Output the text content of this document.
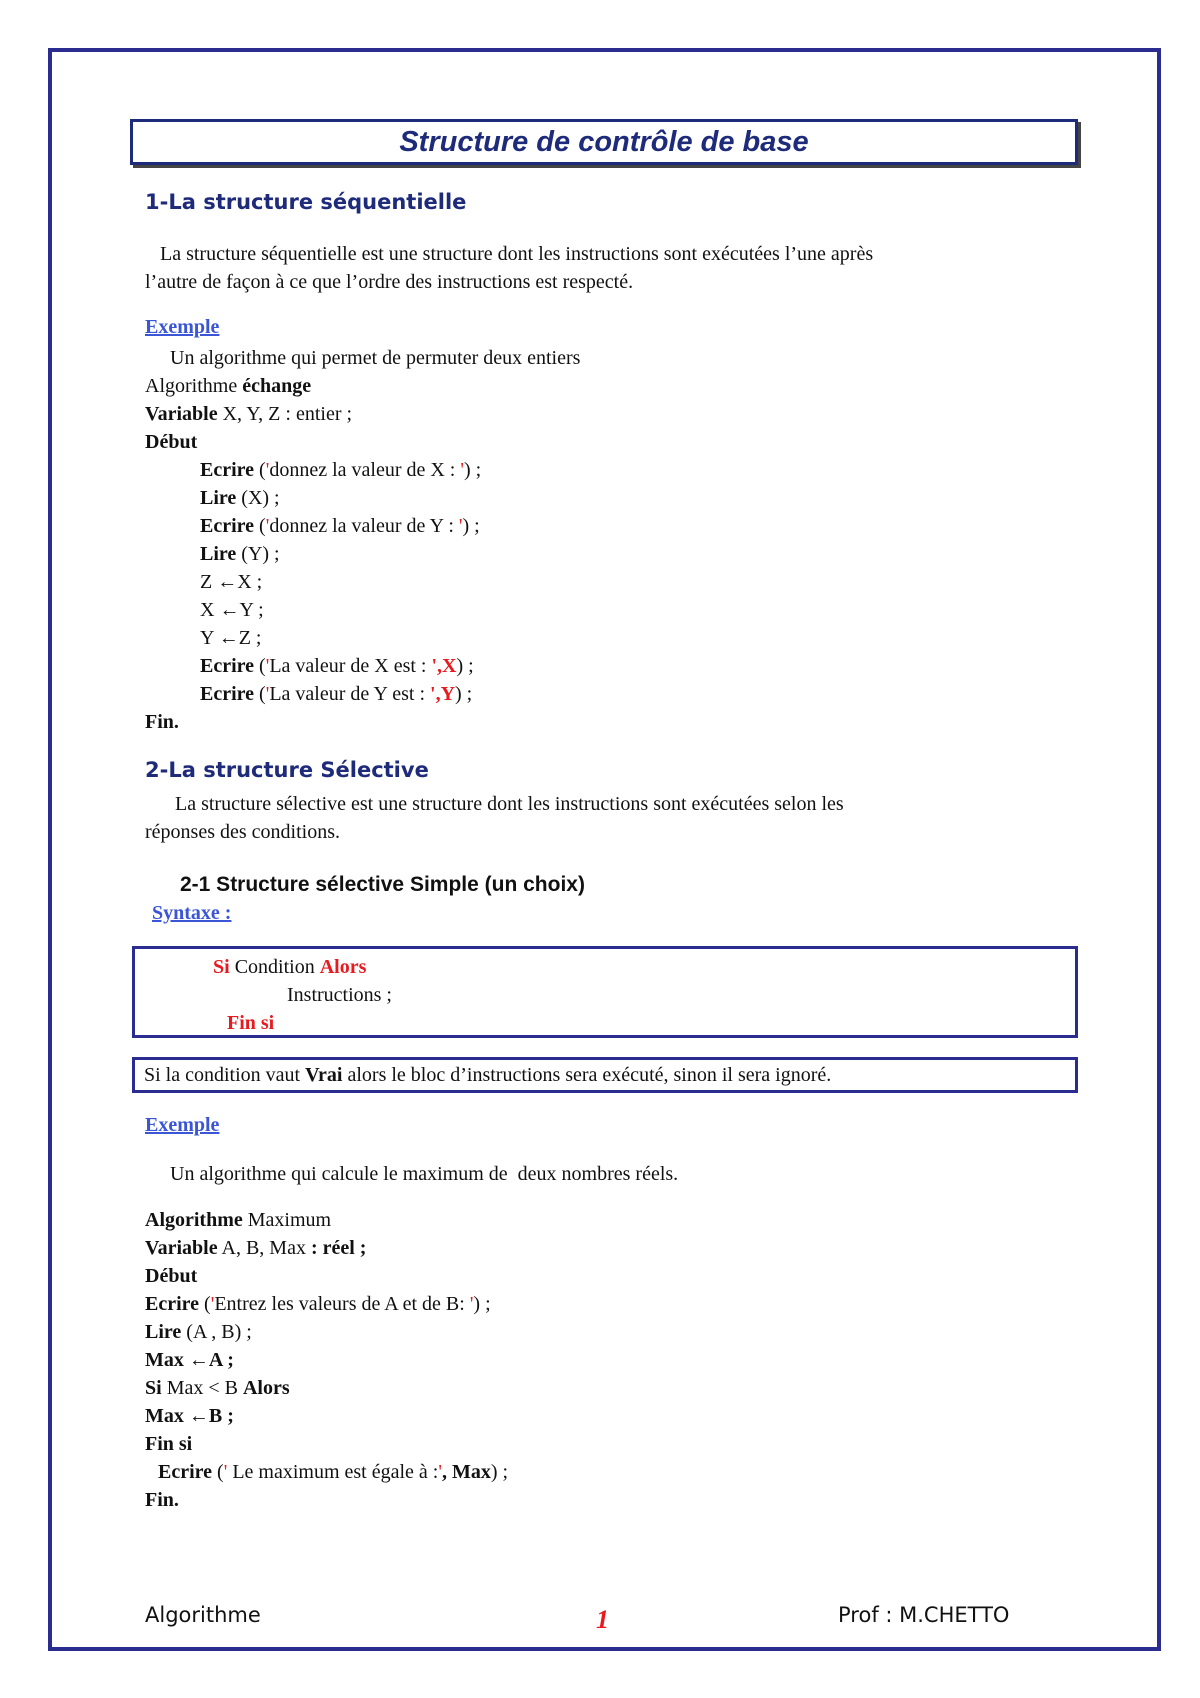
Structure de contrôle de base
1-La structure séquentielle
La structure séquentielle est une structure dont les instructions sont exécutées l’une après
l’autre de façon à ce que l’ordre des instructions est respecté.
Exemple
Un algorithme qui permet de permuter deux entiers
Algorithme échange
Variable X, Y, Z : entier ;
Début
Ecrire ('donnez la valeur de X : ') ;
Lire (X) ;
Ecrire ('donnez la valeur de Y : ') ;
Lire (Y) ;
Z ←X ;
X ←Y ;
Y ←Z ;
Ecrire ('La valeur de X est : ',X) ;
Ecrire ('La valeur de Y est : ',Y) ;
Fin.
2-La structure Sélective
La structure sélective est une structure dont les instructions sont exécutées selon les
réponses des conditions.
2-1 Structure sélective Simple (un choix)
Syntaxe :
Si Condition Alors
Instructions ;
Fin si
Si la condition vaut Vrai alors le bloc d’instructions sera exécuté, sinon il sera ignoré.
Exemple
Un algorithme qui calcule le maximum de  deux nombres réels.
Algorithme Maximum
Variable A, B, Max : réel ;
Début
Ecrire ('Entrez les valeurs de A et de B: ') ;
Lire (A , B) ;
Max ←A ;
Si Max < B Alors
Max ←B ;
Fin si
Ecrire (' Le maximum est égale à :', Max) ;
Fin.
Algorithme	1	Prof : M.CHETTO
